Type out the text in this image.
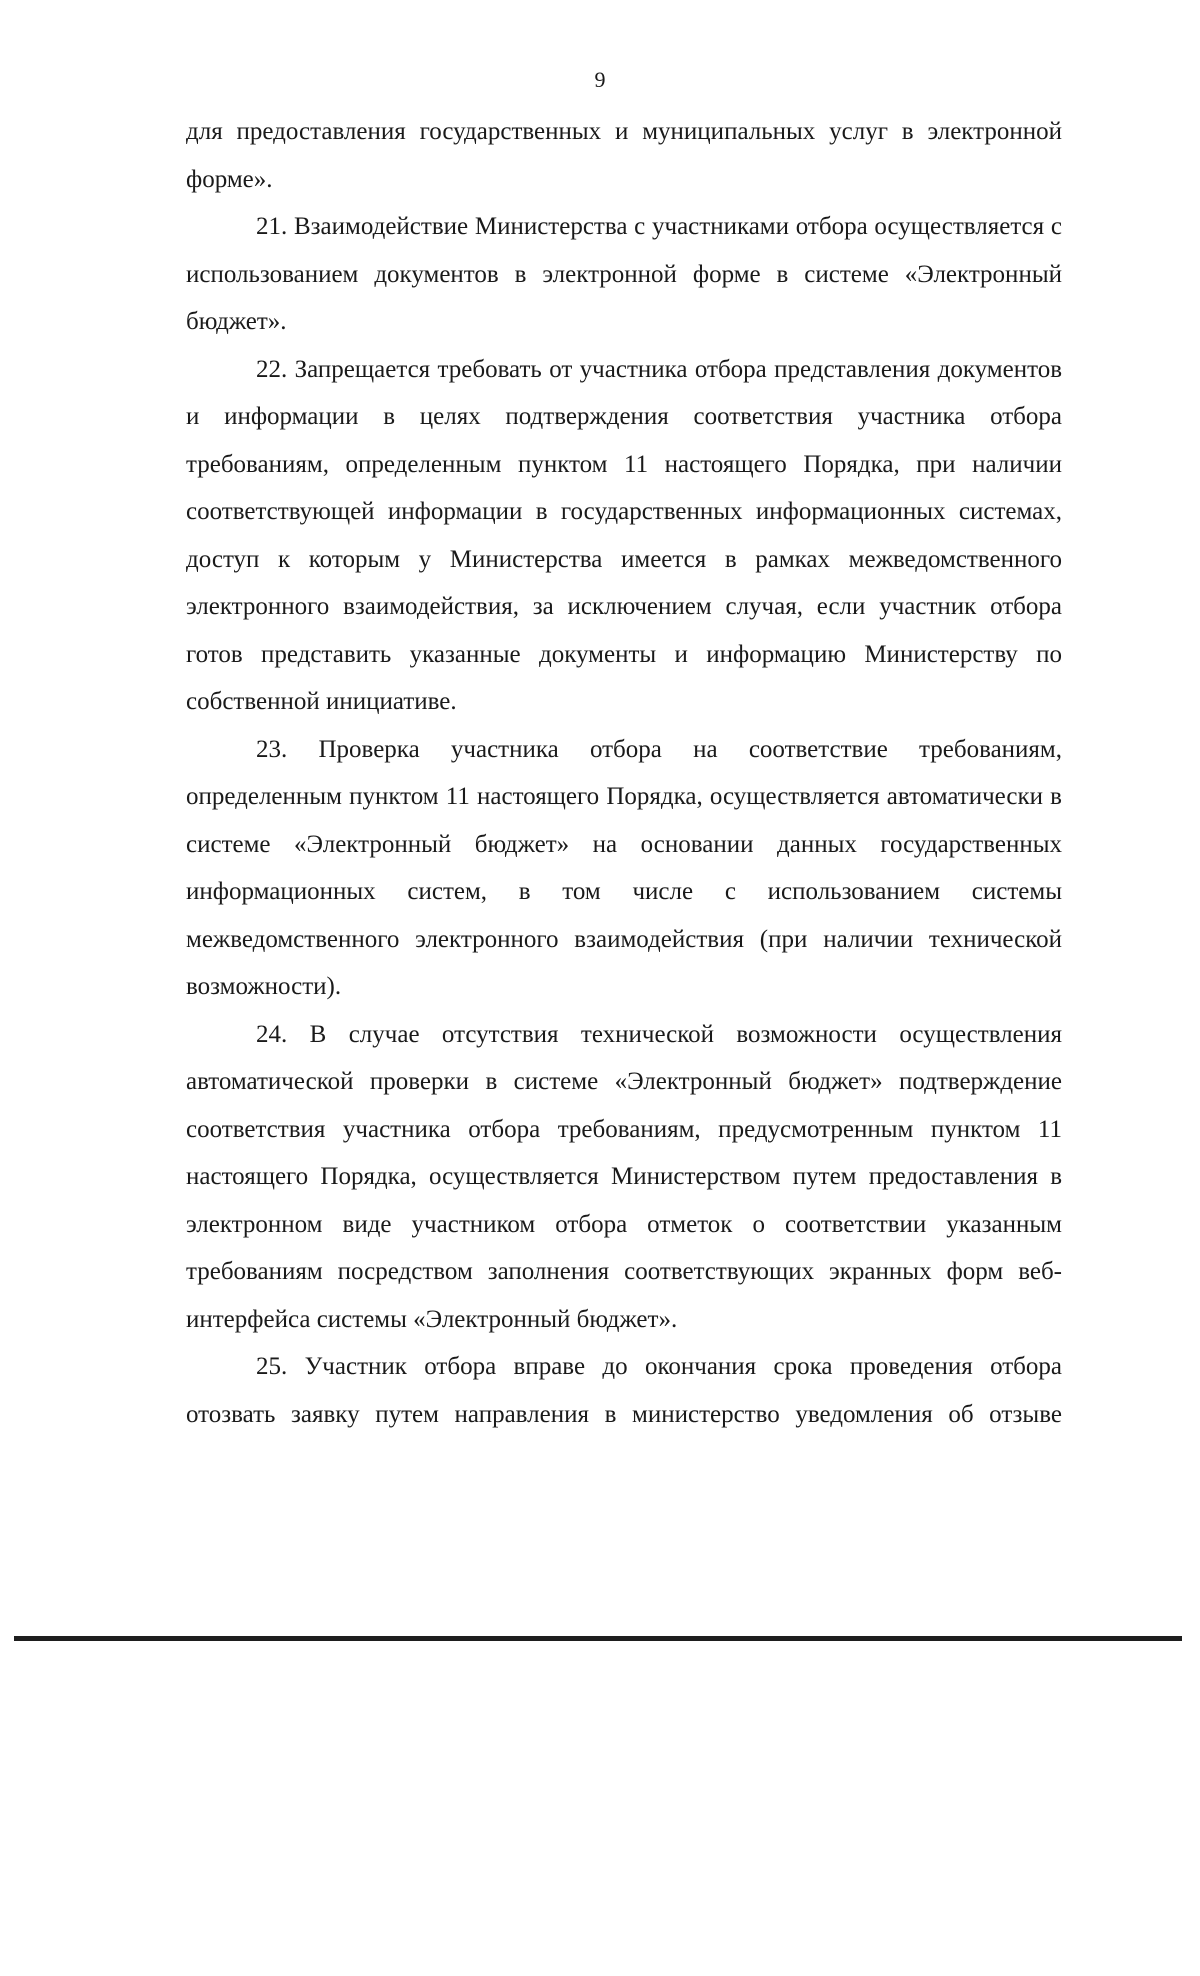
9

для предоставления государственных и муниципальных услуг в электронной форме».

21. Взаимодействие Министерства с участниками отбора осуществляется с использованием документов в электронной форме в системе «Электронный бюджет».

22. Запрещается требовать от участника отбора представления документов и информации в целях подтверждения соответствия участника отбора требованиям, определенным пунктом 11 настоящего Порядка, при наличии соответствующей информации в государственных информационных системах, доступ к которым у Министерства имеется в рамках межведомственного электронного взаимодействия, за исключением случая, если участник отбора готов представить указанные документы и информацию Министерству по собственной инициативе.

23. Проверка участника отбора на соответствие требованиям, определенным пунктом 11 настоящего Порядка, осуществляется автоматически в системе «Электронный бюджет» на основании данных государственных информационных систем, в том числе с использованием системы межведомственного электронного взаимодействия (при наличии технической возможности).

24. В случае отсутствия технической возможности осуществления автоматической проверки в системе «Электронный бюджет» подтверждение соответствия участника отбора требованиям, предусмотренным пунктом 11 настоящего Порядка, осуществляется Министерством путем предоставления в электронном виде участником отбора отметок о соответствии указанным требованиям посредством заполнения соответствующих экранных форм веб-интерфейса системы «Электронный бюджет».

25. Участник отбора вправе до окончания срока проведения отбора отозвать заявку путем направления в министерство уведомления об отзыве
